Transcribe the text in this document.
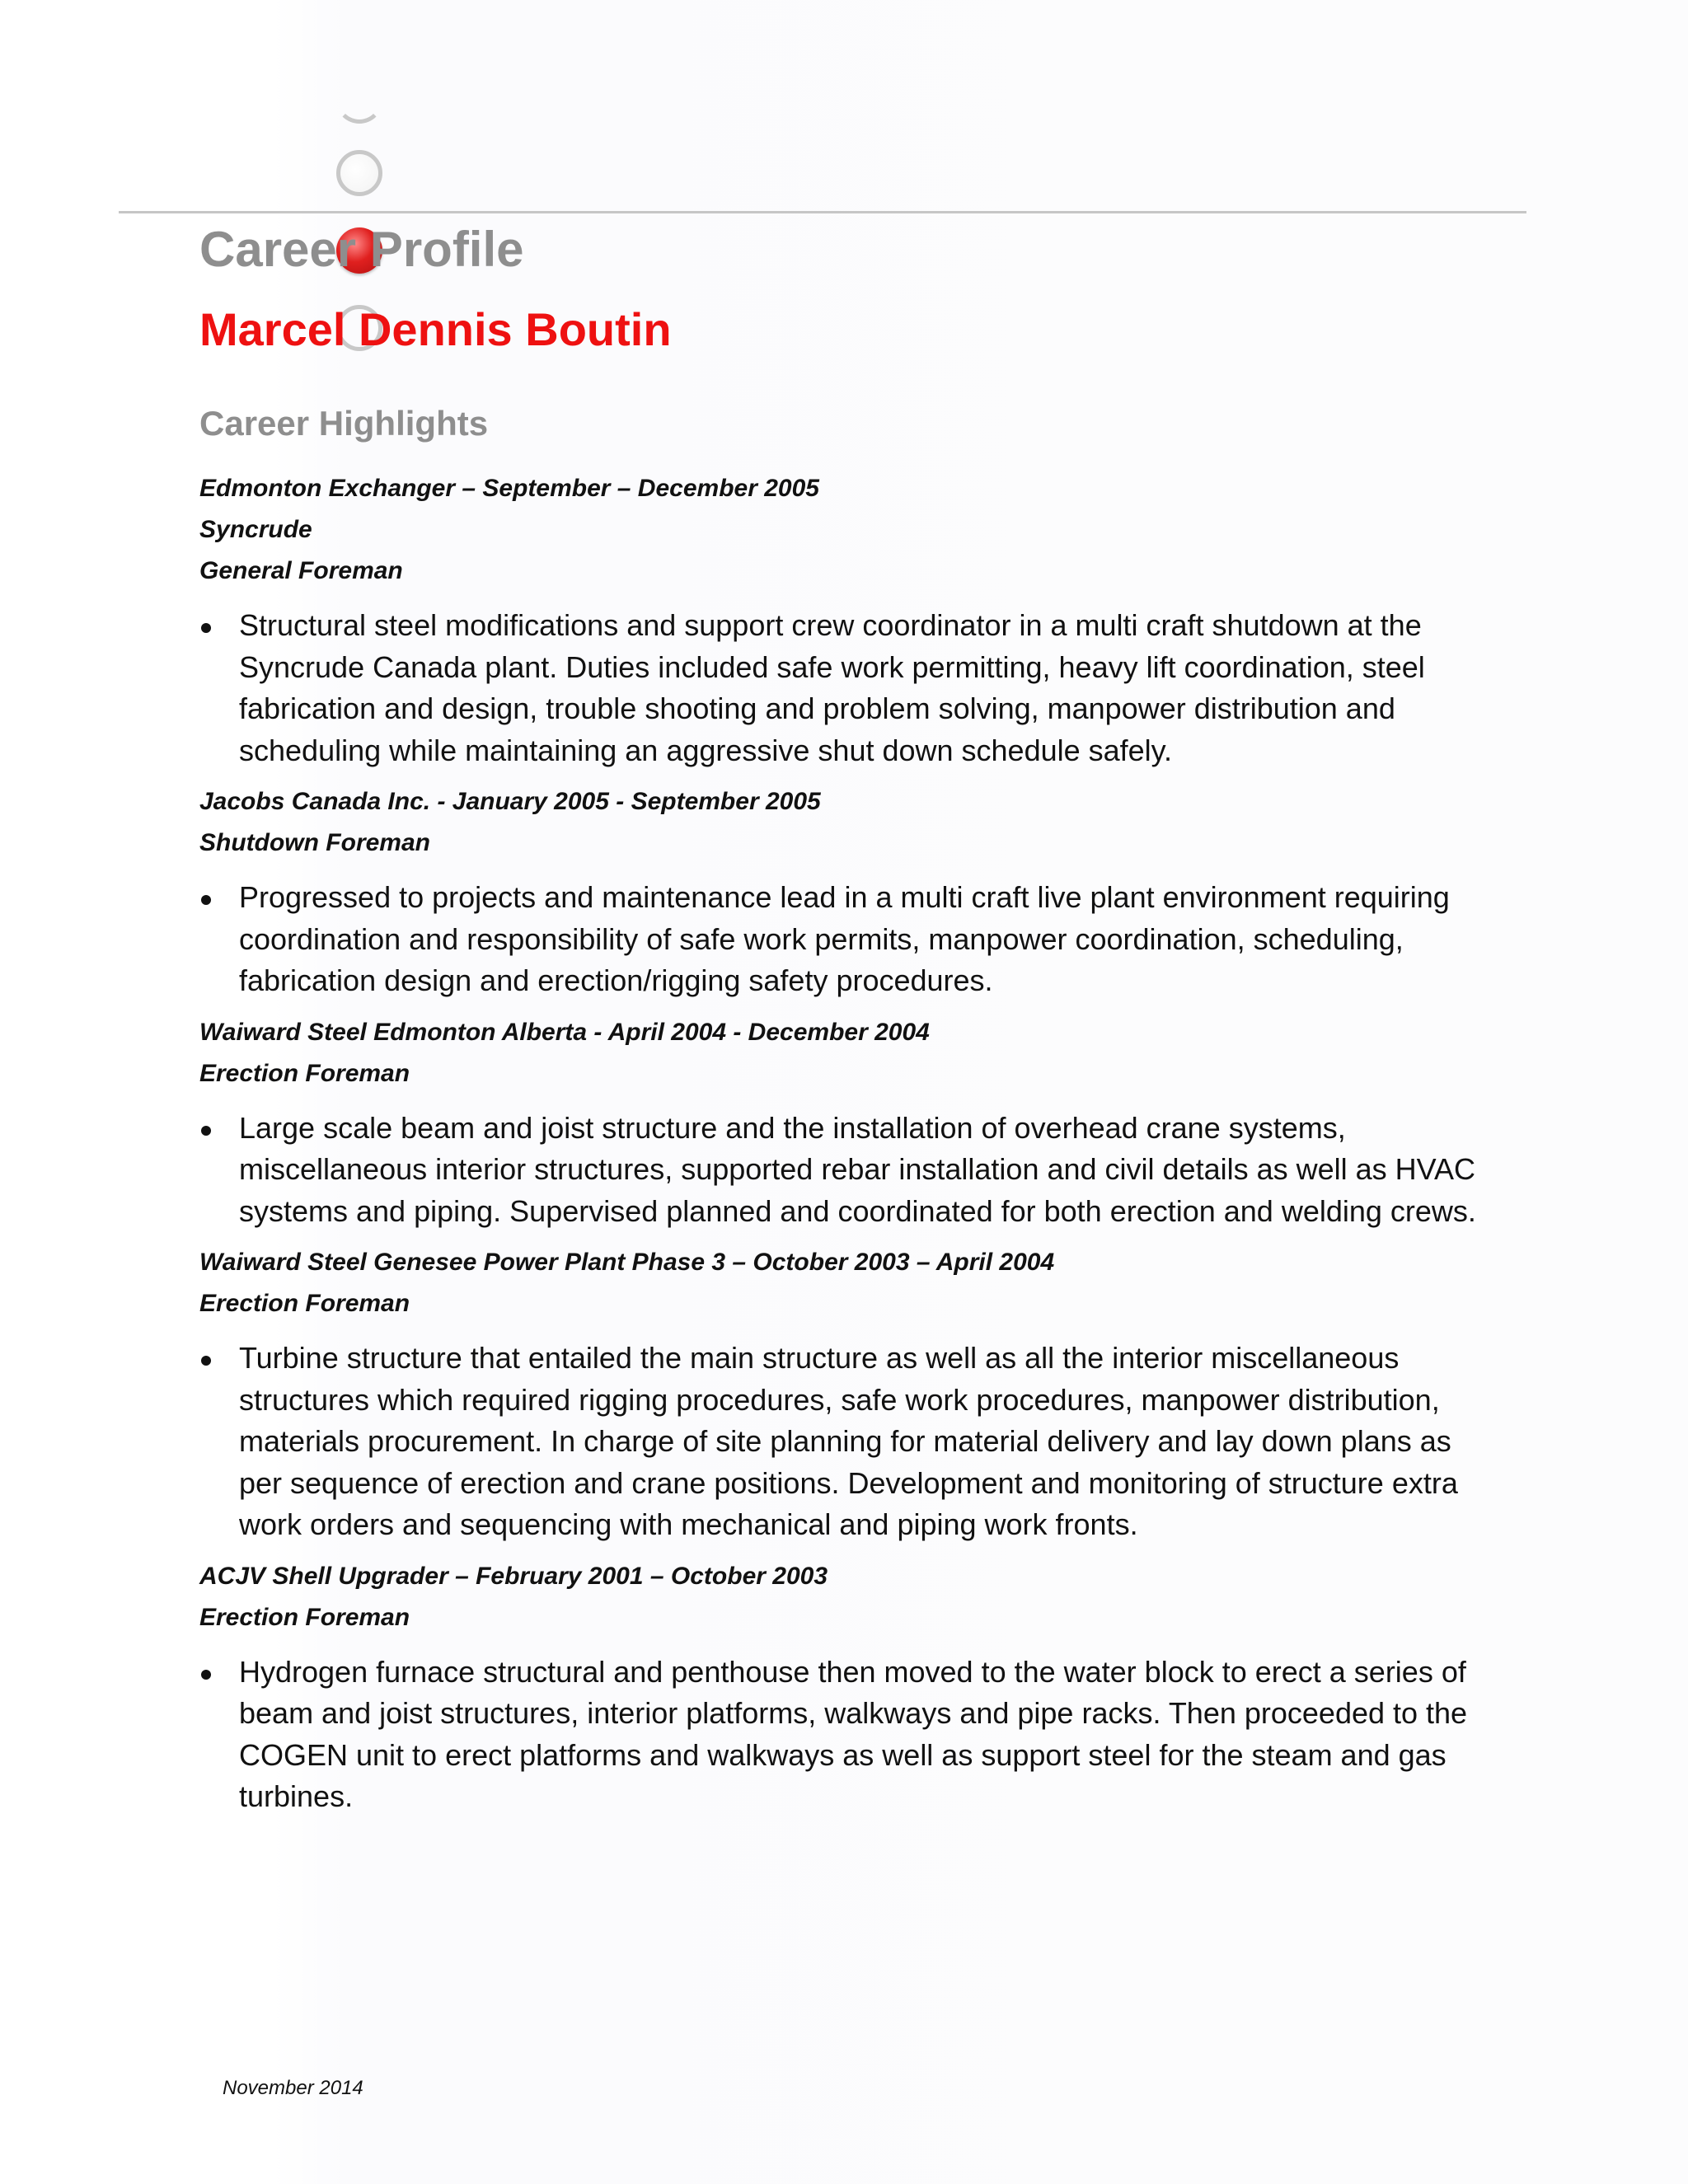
Career Profile
Marcel Dennis Boutin
Career Highlights
Edmonton Exchanger – September – December 2005
Syncrude
General Foreman
Structural steel modifications and support crew coordinator in a multi craft shutdown at the Syncrude Canada plant. Duties included safe work permitting, heavy lift coordination, steel fabrication and design, trouble shooting and problem solving, manpower distribution and scheduling while maintaining an aggressive shut down schedule safely.
Jacobs Canada Inc. - January 2005 - September 2005
Shutdown Foreman
Progressed to projects and maintenance lead in a multi craft live plant environment requiring coordination and responsibility of safe work permits, manpower coordination, scheduling, fabrication design and erection/rigging safety procedures.
Waiward Steel Edmonton Alberta - April 2004 - December 2004
Erection Foreman
Large scale beam and joist structure and the installation of overhead crane systems, miscellaneous interior structures, supported rebar installation and civil details as well as HVAC systems and piping. Supervised planned and coordinated for both erection and welding crews.
Waiward Steel Genesee Power Plant Phase 3 – October 2003 – April 2004
Erection Foreman
Turbine structure that entailed the main structure as well as all the interior miscellaneous structures which required rigging procedures, safe work procedures, manpower distribution, materials procurement. In charge of site planning for material delivery and lay down plans as per sequence of erection and crane positions. Development and monitoring of structure extra work orders and sequencing with mechanical and piping work fronts.
ACJV Shell Upgrader – February 2001 – October 2003
Erection Foreman
Hydrogen furnace structural and penthouse then moved to the water block to erect a series of beam and joist structures, interior platforms, walkways and pipe racks. Then proceeded to the COGEN unit to erect platforms and walkways as well as support steel for the steam and gas turbines.
November 2014
